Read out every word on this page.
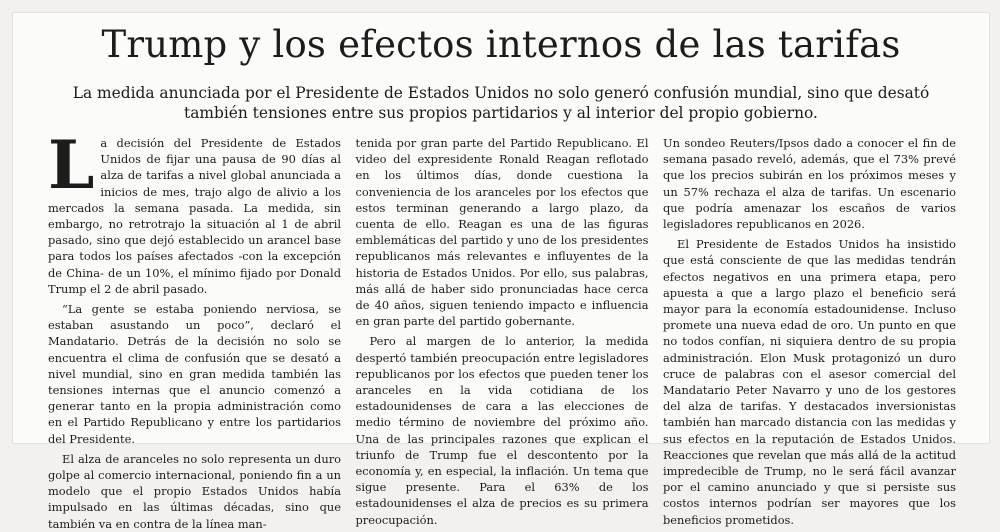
Trump y los efectos internos de las tarifas

La medida anunciada por el Presidente de Estados Unidos no solo generó confusión mundial, sino que desató también tensiones entre sus propios partidarios y al interior del propio gobierno.

La decisión del Presidente de Estados Unidos de fijar una pausa de 90 días al alza de tarifas a nivel global anunciada a inicios de mes, trajo algo de alivio a los mercados la semana pasada. La medida, sin embargo, no retrotrajo la situación al 1 de abril pasado, sino que dejó establecido un arancel base para todos los países afectados -con la excepción de China- de un 10%, el mínimo fijado por Donald Trump el 2 de abril pasado.

“La gente se estaba poniendo nerviosa, se estaban asustando un poco”, declaró el Mandatario. Detrás de la decisión no solo se encuentra el clima de confusión que se desató a nivel mundial, sino en gran medida también las tensiones internas que el anuncio comenzó a generar tanto en la propia administración como en el Partido Republicano y entre los partidarios del Presidente.

El alza de aranceles no solo representa un duro golpe al comercio internacional, poniendo fin a un modelo que el propio Estados Unidos había impulsado en las últimas décadas, sino que también va en contra de la línea man-

tenida por gran parte del Partido Republicano. El video del expresidente Ronald Reagan reflotado en los últimos días, donde cuestiona la conveniencia de los aranceles por los efectos que estos terminan generando a largo plazo, da cuenta de ello. Reagan es una de las figuras emblemáticas del partido y uno de los presidentes republicanos más relevantes e influyentes de la historia de Estados Unidos. Por ello, sus palabras, más allá de haber sido pronunciadas hace cerca de 40 años, siguen teniendo impacto e influencia en gran parte del partido gobernante.

Pero al margen de lo anterior, la medida despertó también preocupación entre legisladores republicanos por los efectos que pueden tener los aranceles en la vida cotidiana de los estadounidenses de cara a las elecciones de medio término de noviembre del próximo año. Una de las principales razones que explican el triunfo de Trump fue el descontento por la economía y, en especial, la inflación. Un tema que sigue presente. Para el 63% de los estadounidenses el alza de precios es su primera preocupación.

Un sondeo Reuters/Ipsos dado a conocer el fin de semana pasado reveló, además, que el 73% prevé que los precios subirán en los próximos meses y un 57% rechaza el alza de tarifas. Un escenario que podría amenazar los escaños de varios legisladores republicanos en 2026.

El Presidente de Estados Unidos ha insistido que está consciente de que las medidas tendrán efectos negativos en una primera etapa, pero apuesta a que a largo plazo el beneficio será mayor para la economía estadounidense. Incluso promete una nueva edad de oro. Un punto en que no todos confían, ni siquiera dentro de su propia administración. Elon Musk protagonizó un duro cruce de palabras con el asesor comercial del Mandatario Peter Navarro y uno de los gestores del alza de tarifas. Y destacados inversionistas también han marcado distancia con las medidas y sus efectos en la reputación de Estados Unidos. Reacciones que revelan que más allá de la actitud impredecible de Trump, no le será fácil avanzar por el camino anunciado y que si persiste sus costos internos podrían ser mayores que los beneficios prometidos.
